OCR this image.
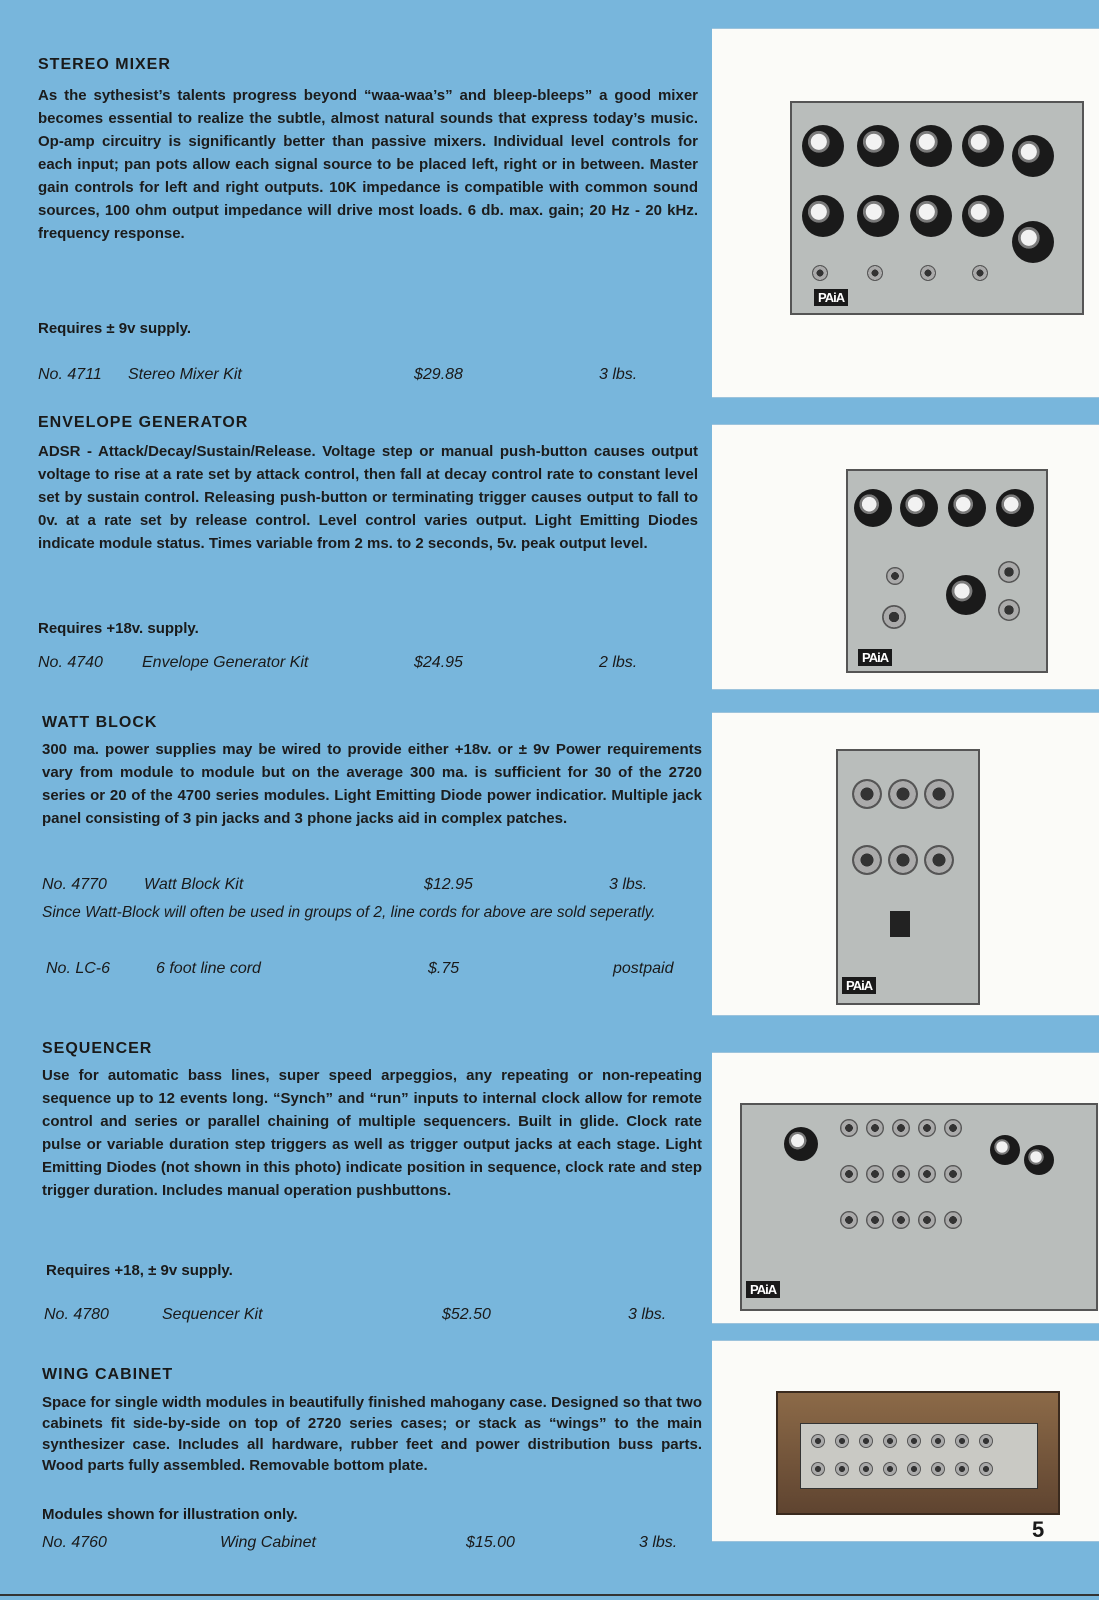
STEREO MIXER
As the sythesist’s talents progress beyond “waa-waa’s” and bleep-bleeps” a good mixer becomes essential to realize the subtle, almost natural sounds that express today’s music. Op-amp circuitry is significantly better than passive mixers. Individual level controls for each input; pan pots allow each signal source to be placed left, right or in between. Master gain controls for left and right outputs. 10K impedance is compatible with common sound sources, 100 ohm output impedance will drive most loads. 6 db. max. gain; 20 Hz - 20 kHz. frequency response.
Requires ± 9v supply.
No. 4711 Stereo Mixer Kit	$29.88	3 lbs.
ENVELOPE GENERATOR
ADSR - Attack/Decay/Sustain/Release. Voltage step or manual push-button causes output voltage to rise at a rate set by attack control, then fall at decay control rate to constant level set by sustain control. Releasing push-button or terminating trigger causes output to fall to 0v. at a rate set by release control. Level control varies output. Light Emitting Diodes indicate module status. Times variable from 2 ms. to 2 seconds, 5v. peak output level.
Requires +18v. supply.
No. 4740 Envelope Generator Kit	$24.95	2 lbs.
WATT BLOCK
300 ma. power supplies may be wired to provide either +18v. or ± 9v Power requirements vary from module to module but on the average 300 ma. is sufficient for 30 of the 2720 series or 20 of the 4700 series modules. Light Emitting Diode power indicatior. Multiple jack panel consisting of 3 pin jacks and 3 phone jacks aid in complex patches.
No. 4770 Watt Block Kit	$12.95	3 lbs.
Since Watt-Block will often be used in groups of 2, line cords for above are sold seperatly.
No. LC-6	6 foot line cord	$.75	postpaid
SEQUENCER
Use for automatic bass lines, super speed arpeggios, any repeating or non-repeating sequence up to 12 events long. “Synch” and “run” inputs to internal clock allow for remote control and series or parallel chaining of multiple sequencers. Built in glide. Clock rate pulse or variable duration step triggers as well as trigger output jacks at each stage. Light Emitting Diodes (not shown in this photo) indicate position in sequence, clock rate and step trigger duration. Includes manual operation pushbuttons.
Requires +18, ± 9v supply.
No. 4780	Sequencer Kit	$52.50	3 lbs.
WING CABINET
Space for single width modules in beautifully finished mahogany case. Designed so that two cabinets fit side-by-side on top of 2720 series cases; or stack as “wings” to the main synthesizer case. Includes all hardware, rubber feet and power distribution buss parts. Wood parts fully assembled. Removable bottom plate.
Modules shown for illustration only.
No. 4760	Wing Cabinet	$15.00	3 lbs.
PAiA
PAiA
PAiA
PAiA
5
